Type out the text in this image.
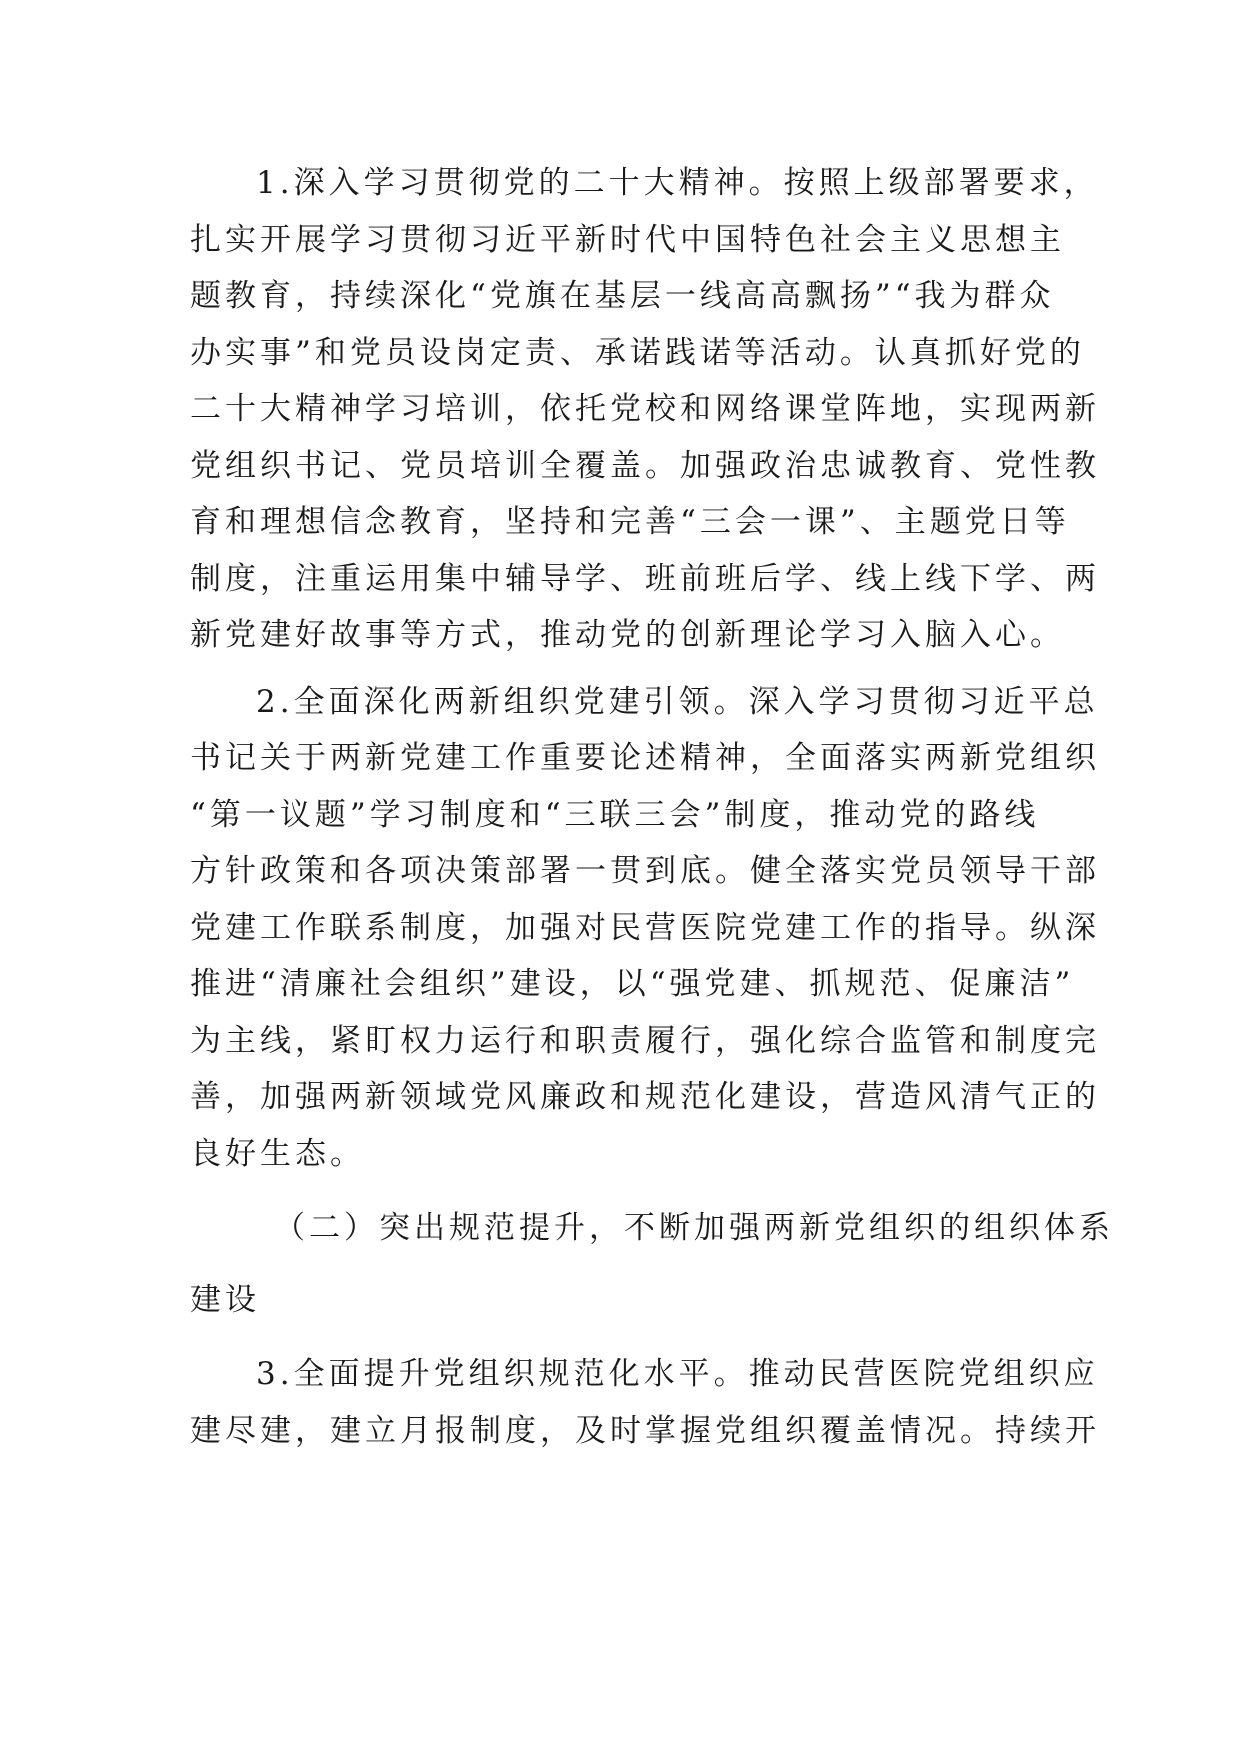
1.深入学习贯彻党的二十大精神。按照上级部署要求，
扎实开展学习贯彻习近平新时代中国特色社会主义思想主
题教育，持续深化“党旗在基层一线高高飘扬”“我为群众
办实事”和党员设岗定责、承诺践诺等活动。认真抓好党的
二十大精神学习培训，依托党校和网络课堂阵地，实现两新
党组织书记、党员培训全覆盖。加强政治忠诚教育、党性教
育和理想信念教育，坚持和完善“三会一课”、主题党日等
制度，注重运用集中辅导学、班前班后学、线上线下学、两
新党建好故事等方式，推动党的创新理论学习入脑入心。
2.全面深化两新组织党建引领。深入学习贯彻习近平总
书记关于两新党建工作重要论述精神，全面落实两新党组织
“第一议题”学习制度和“三联三会”制度，推动党的路线
方针政策和各项决策部署一贯到底。健全落实党员领导干部
党建工作联系制度，加强对民营医院党建工作的指导。纵深
推进“清廉社会组织”建设，以“强党建、抓规范、促廉洁”
为主线，紧盯权力运行和职责履行，强化综合监管和制度完
善，加强两新领域党风廉政和规范化建设，营造风清气正的
良好生态。
（二）突出规范提升，不断加强两新党组织的组织体系
建设
3.全面提升党组织规范化水平。推动民营医院党组织应
建尽建，建立月报制度，及时掌握党组织覆盖情况。持续开
